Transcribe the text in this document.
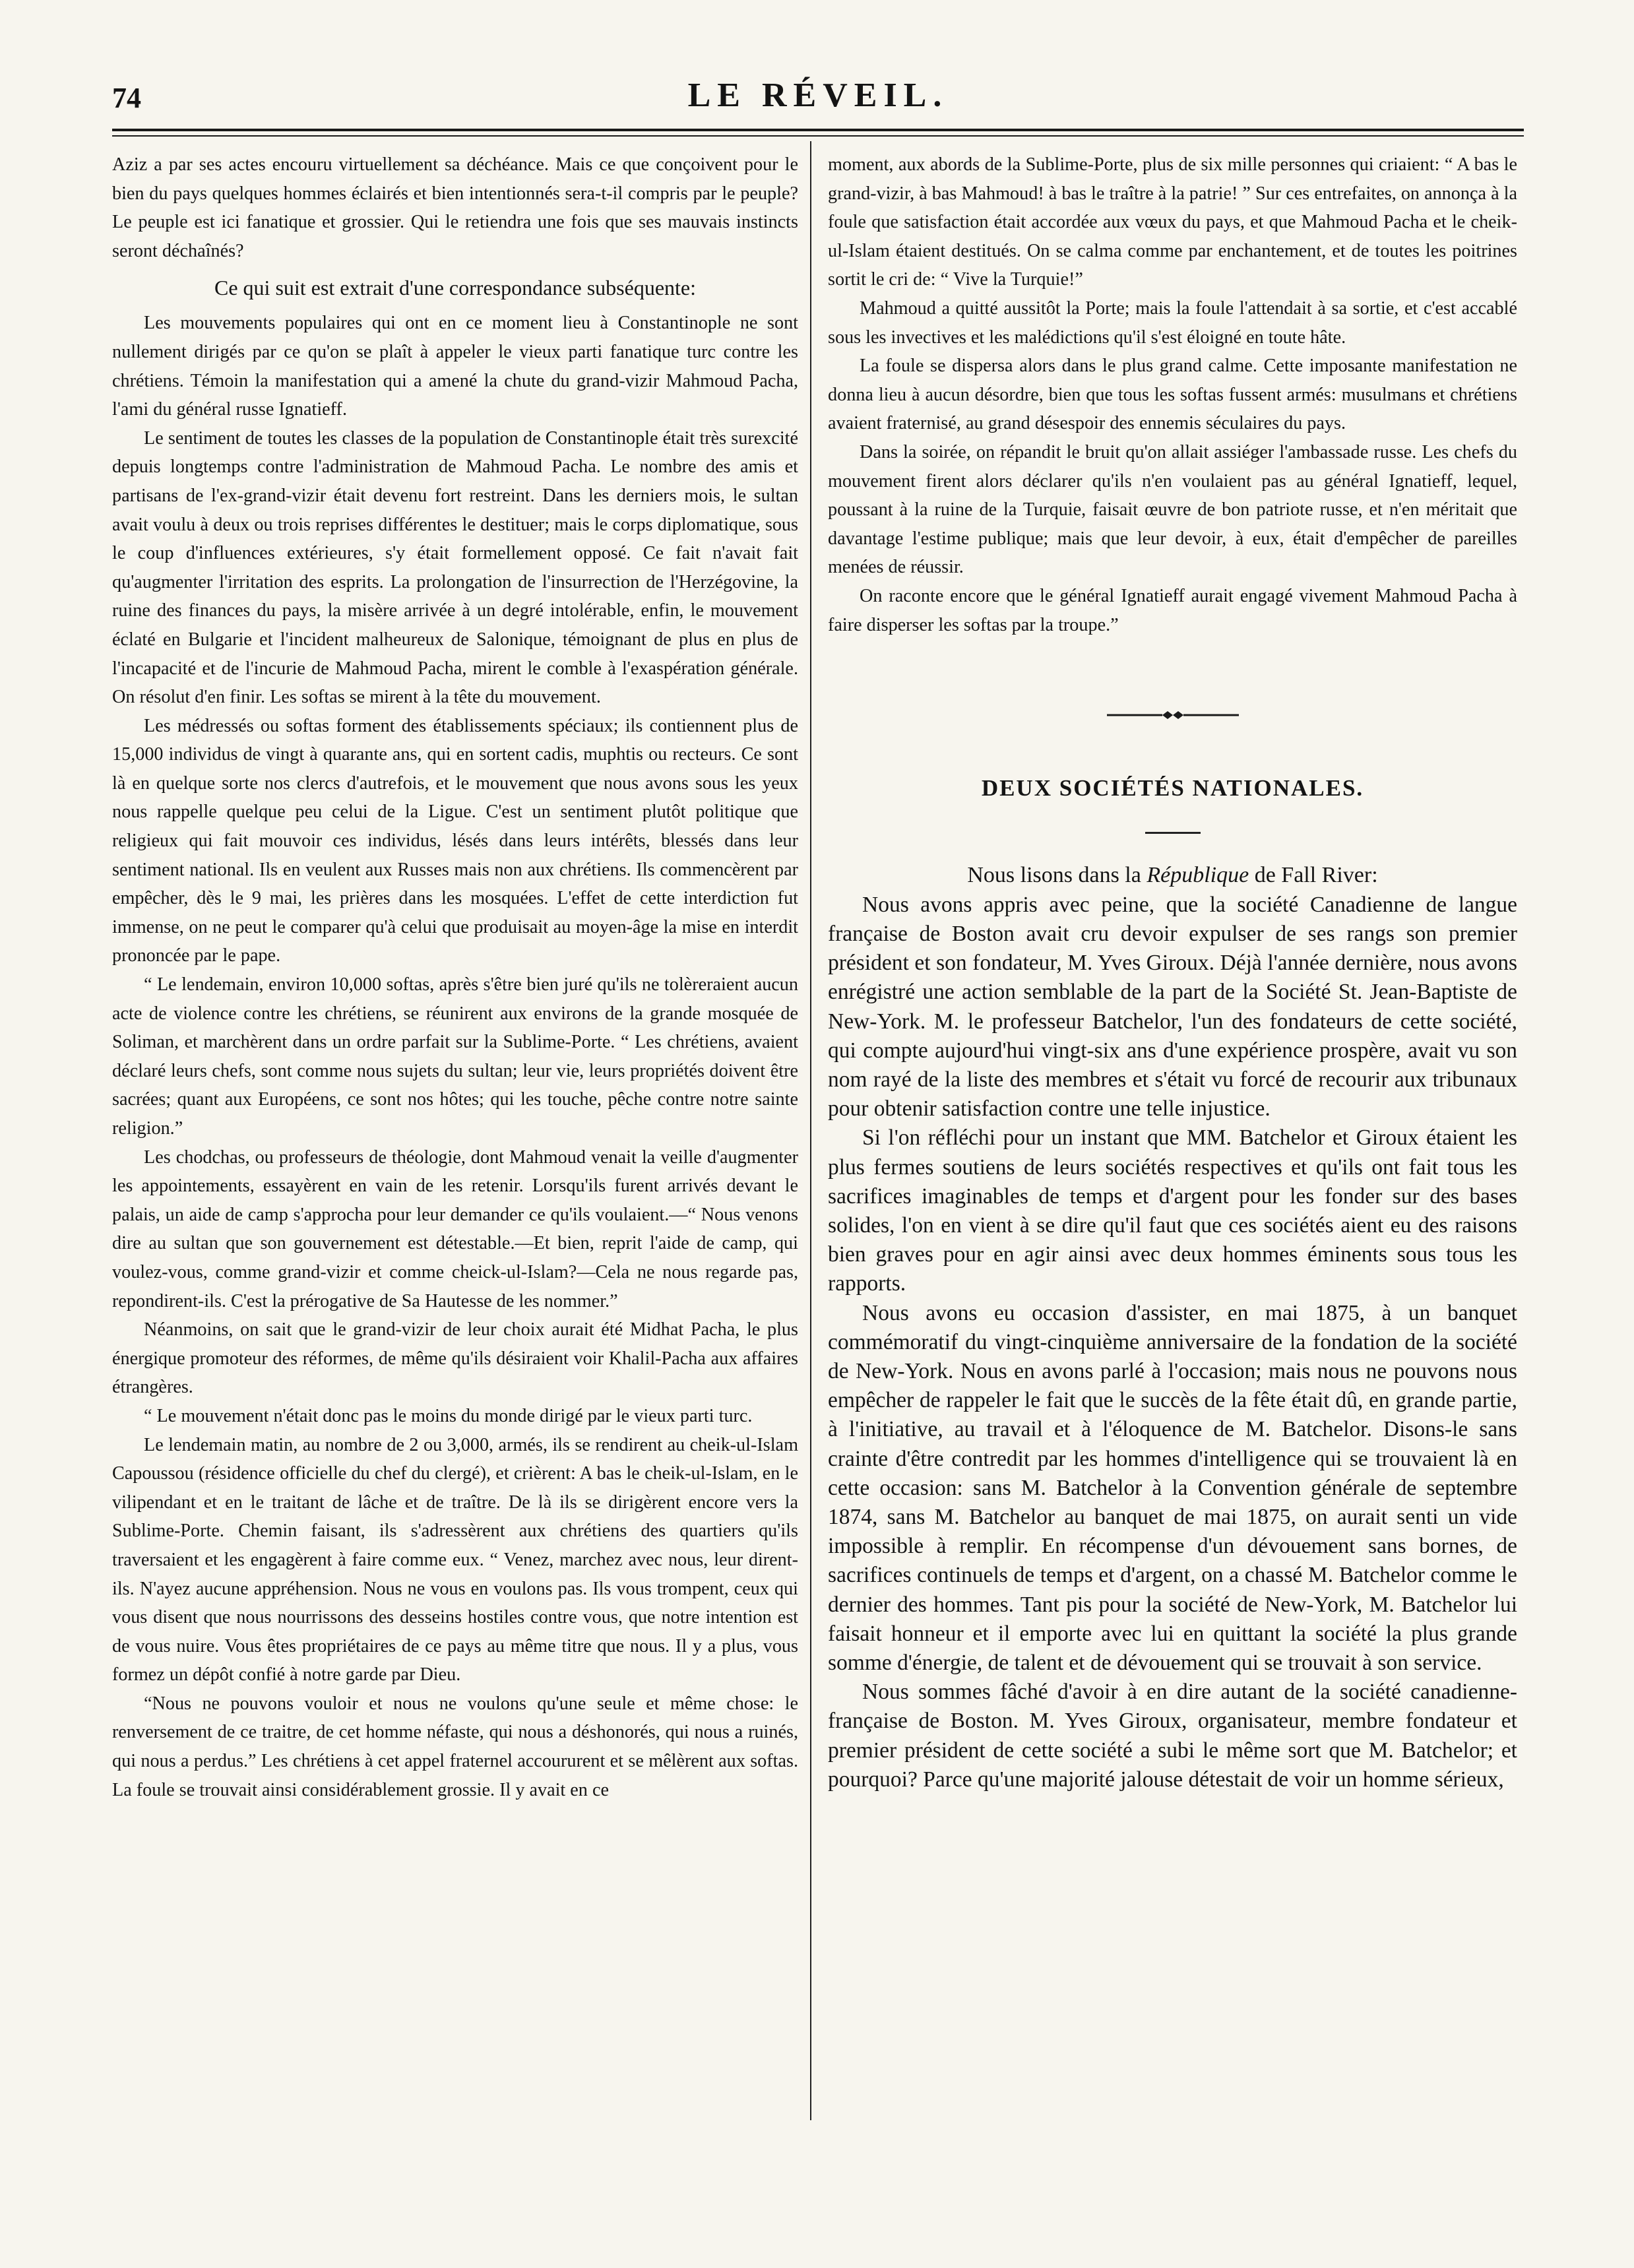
74	LE RÉVEIL.

Aziz a par ses actes encouru virtuellement sa déchéance. Mais ce que conçoivent pour le bien du pays quelques hommes éclairés et bien intentionnés sera-t-il compris par le peuple? Le peuple est ici fanatique et grossier. Qui le retiendra une fois que ses mauvais instincts seront déchaînés?

Ce qui suit est extrait d'une correspondance subséquente:

Les mouvements populaires qui ont en ce moment lieu à Constantinople ne sont nullement dirigés par ce qu'on se plaît à appeler le vieux parti fanatique turc contre les chrétiens. Témoin la manifestation qui a amené la chute du grand-vizir Mahmoud Pacha, l'ami du général russe Ignatieff.

Le sentiment de toutes les classes de la population de Constantinople était très surexcité depuis longtemps contre l'administration de Mahmoud Pacha. Le nombre des amis et partisans de l'ex-grand-vizir était devenu fort restreint. Dans les derniers mois, le sultan avait voulu à deux ou trois reprises différentes le destituer; mais le corps diplomatique, sous le coup d'influences extérieures, s'y était formellement opposé. Ce fait n'avait fait qu'augmenter l'irritation des esprits. La prolongation de l'insurrection de l'Herzégovine, la ruine des finances du pays, la misère arrivée à un degré intolérable, enfin, le mouvement éclaté en Bulgarie et l'incident malheureux de Salonique, témoignant de plus en plus de l'incapacité et de l'incurie de Mahmoud Pacha, mirent le comble à l'exaspération générale. On résolut d'en finir. Les softas se mirent à la tête du mouvement.

Les médressés ou softas forment des établissements spéciaux; ils contiennent plus de 15,000 individus de vingt à quarante ans, qui en sortent cadis, muphtis ou recteurs. Ce sont là en quelque sorte nos clercs d'autrefois, et le mouvement que nous avons sous les yeux nous rappelle quelque peu celui de la Ligue. C'est un sentiment plutôt politique que religieux qui fait mouvoir ces individus, lésés dans leurs intérêts, blessés dans leur sentiment national. Ils en veulent aux Russes mais non aux chrétiens. Ils commencèrent par empêcher, dès le 9 mai, les prières dans les mosquées. L'effet de cette interdiction fut immense, on ne peut le comparer qu'à celui que produisait au moyen-âge la mise en interdit prononcée par le pape.

“ Le lendemain, environ 10,000 softas, après s'être bien juré qu'ils ne tolèreraient aucun acte de violence contre les chrétiens, se réunirent aux environs de la grande mosquée de Soliman, et marchèrent dans un ordre parfait sur la Sublime-Porte. “ Les chrétiens, avaient déclaré leurs chefs, sont comme nous sujets du sultan; leur vie, leurs propriétés doivent être sacrées; quant aux Européens, ce sont nos hôtes; qui les touche, pêche contre notre sainte religion.”

Les chodchas, ou professeurs de théologie, dont Mahmoud venait la veille d'augmenter les appointements, essayèrent en vain de les retenir. Lorsqu'ils furent arrivés devant le palais, un aide de camp s'approcha pour leur demander ce qu'ils voulaient.—“ Nous venons dire au sultan que son gouvernement est détestable.—Et bien, reprit l'aide de camp, qui voulez-vous, comme grand-vizir et comme cheick-ul-Islam?—Cela ne nous regarde pas, repondirent-ils. C'est la prérogative de Sa Hautesse de les nommer.”

Néanmoins, on sait que le grand-vizir de leur choix aurait été Midhat Pacha, le plus énergique promoteur des réformes, de même qu'ils désiraient voir Khalil-Pacha aux affaires étrangères.

“ Le mouvement n'était donc pas le moins du monde dirigé par le vieux parti turc.

Le lendemain matin, au nombre de 2 ou 3,000, armés, ils se rendirent au cheik-ul-Islam Capoussou (résidence officielle du chef du clergé), et crièrent: A bas le cheik-ul-Islam, en le vilipendant et en le traitant de lâche et de traître. De là ils se dirigèrent encore vers la Sublime-Porte. Chemin faisant, ils s'adressèrent aux chrétiens des quartiers qu'ils traversaient et les engagèrent à faire comme eux. “ Venez, marchez avec nous, leur dirent-ils. N'ayez aucune appréhension. Nous ne vous en voulons pas. Ils vous trompent, ceux qui vous disent que nous nourrissons des desseins hostiles contre vous, que notre intention est de vous nuire. Vous êtes propriétaires de ce pays au même titre que nous. Il y a plus, vous formez un dépôt confié à notre garde par Dieu.

“Nous ne pouvons vouloir et nous ne voulons qu'une seule et même chose: le renversement de ce traitre, de cet homme néfaste, qui nous a déshonorés, qui nous a ruinés, qui nous a perdus.” Les chrétiens à cet appel fraternel accoururent et se mêlèrent aux softas. La foule se trouvait ainsi considérablement grossie. Il y avait en ce

moment, aux abords de la Sublime-Porte, plus de six mille personnes qui criaient: “ A bas le grand-vizir, à bas Mahmoud! à bas le traître à la patrie! ” Sur ces entrefaites, on annonça à la foule que satisfaction était accordée aux vœux du pays, et que Mahmoud Pacha et le cheik-ul-Islam étaient destitués. On se calma comme par enchantement, et de toutes les poitrines sortit le cri de: “ Vive la Turquie!”

Mahmoud a quitté aussitôt la Porte; mais la foule l'attendait à sa sortie, et c'est accablé sous les invectives et les malédictions qu'il s'est éloigné en toute hâte.

La foule se dispersa alors dans le plus grand calme. Cette imposante manifestation ne donna lieu à aucun désordre, bien que tous les softas fussent armés: musulmans et chrétiens avaient fraternisé, au grand désespoir des ennemis séculaires du pays.

Dans la soirée, on répandit le bruit qu'on allait assiéger l'ambassade russe. Les chefs du mouvement firent alors déclarer qu'ils n'en voulaient pas au général Ignatieff, lequel, poussant à la ruine de la Turquie, faisait œuvre de bon patriote russe, et n'en méritait que davantage l'estime publique; mais que leur devoir, à eux, était d'empêcher de pareilles menées de réussir.

On raconte encore que le général Ignatieff aurait engagé vivement Mahmoud Pacha à faire disperser les softas par la troupe.”

DEUX SOCIÉTÉS NATIONALES.

Nous lisons dans la République de Fall River:

Nous avons appris avec peine, que la société Canadienne de langue française de Boston avait cru devoir expulser de ses rangs son premier président et son fondateur, M. Yves Giroux. Déjà l'année dernière, nous avons enrégistré une action semblable de la part de la Société St. Jean-Baptiste de New-York. M. le professeur Batchelor, l'un des fondateurs de cette société, qui compte aujourd'hui vingt-six ans d'une expérience prospère, avait vu son nom rayé de la liste des membres et s'était vu forcé de recourir aux tribunaux pour obtenir satisfaction contre une telle injustice.

Si l'on réfléchi pour un instant que MM. Batchelor et Giroux étaient les plus fermes soutiens de leurs sociétés respectives et qu'ils ont fait tous les sacrifices imaginables de temps et d'argent pour les fonder sur des bases solides, l'on en vient à se dire qu'il faut que ces sociétés aient eu des raisons bien graves pour en agir ainsi avec deux hommes éminents sous tous les rapports.

Nous avons eu occasion d'assister, en mai 1875, à un banquet commémoratif du vingt-cinquième anniversaire de la fondation de la société de New-York. Nous en avons parlé à l'occasion; mais nous ne pouvons nous empêcher de rappeler le fait que le succès de la fête était dû, en grande partie, à l'initiative, au travail et à l'éloquence de M. Batchelor. Disons-le sans crainte d'être contredit par les hommes d'intelligence qui se trouvaient là en cette occasion: sans M. Batchelor à la Convention générale de septembre 1874, sans M. Batchelor au banquet de mai 1875, on aurait senti un vide impossible à remplir. En récompense d'un dévouement sans bornes, de sacrifices continuels de temps et d'argent, on a chassé M. Batchelor comme le dernier des hommes. Tant pis pour la société de New-York, M. Batchelor lui faisait honneur et il emporte avec lui en quittant la société la plus grande somme d'énergie, de talent et de dévouement qui se trouvait à son service.

Nous sommes fâché d'avoir à en dire autant de la société canadienne-française de Boston. M. Yves Giroux, organisateur, membre fondateur et premier président de cette société a subi le même sort que M. Batchelor; et pourquoi? Parce qu'une majorité jalouse détestait de voir un homme sérieux,
